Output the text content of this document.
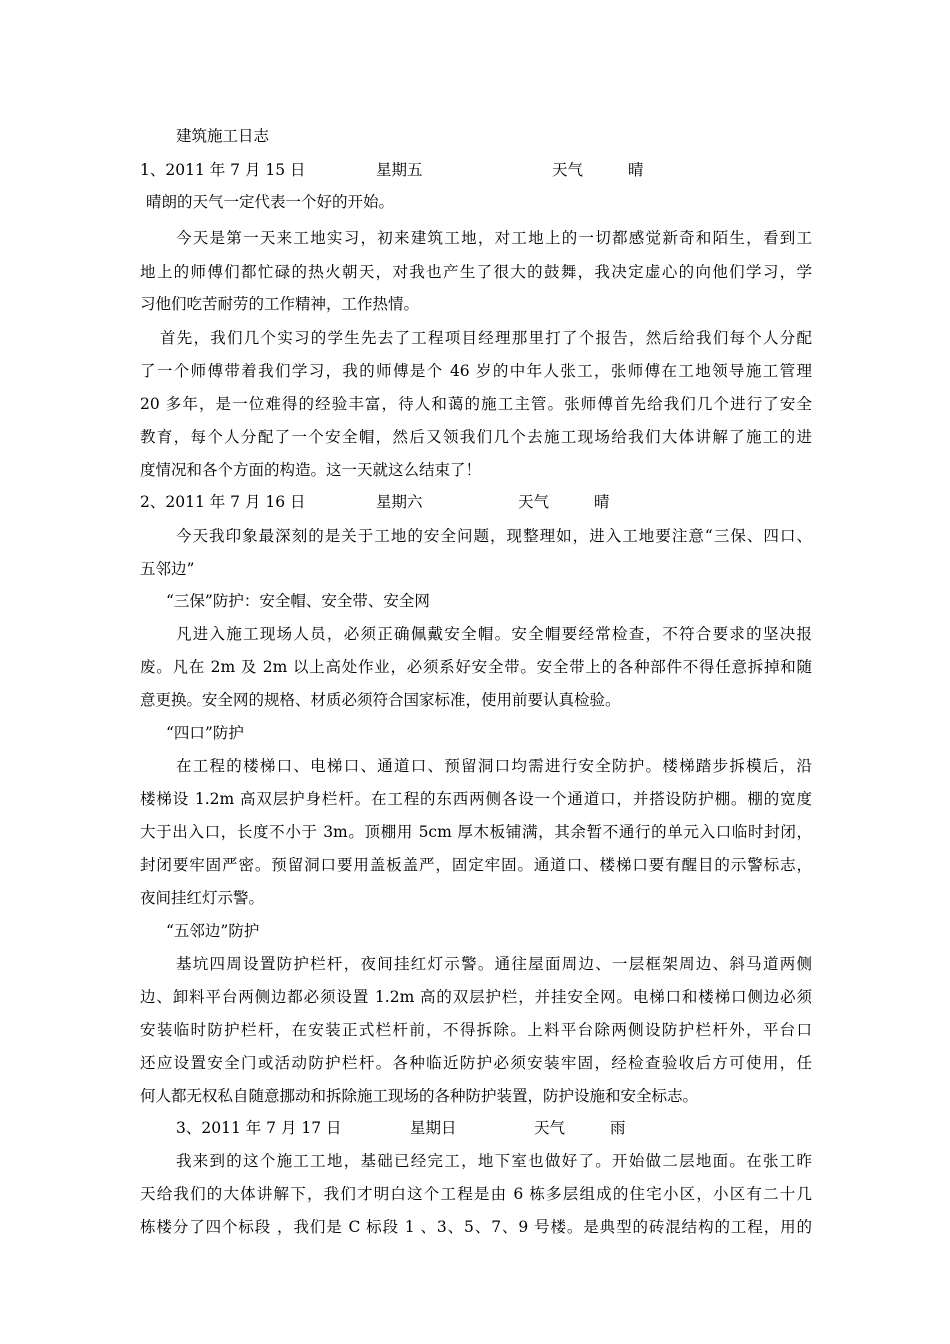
建筑施工日志
1、2011 年 7 月 15 日	星期五	天气	晴
晴朗的天气一定代表一个好的开始。
今天是第一天来工地实习，初来建筑工地，对工地上的一切都感觉新奇和陌生，看到工
地上的师傅们都忙碌的热火朝天，对我也产生了很大的鼓舞，我决定虚心的向他们学习，学
习他们吃苦耐劳的工作精神，工作热情。
首先，我们几个实习的学生先去了工程项目经理那里打了个报告，然后给我们每个人分配
了一个师傅带着我们学习，我的师傅是个 46 岁的中年人张工，张师傅在工地领导施工管理
20 多年，是一位难得的经验丰富，待人和蔼的施工主管。张师傅首先给我们几个进行了安全
教育，每个人分配了一个安全帽，然后又领我们几个去施工现场给我们大体讲解了施工的进
度情况和各个方面的构造。这一天就这么结束了！
2、2011 年 7 月 16 日	星期六	天气	晴
今天我印象最深刻的是关于工地的安全问题，现整理如，进入工地要注意“三保、四口、
五邻边”
“三保”防护：安全帽、安全带、安全网
凡进入施工现场人员，必须正确佩戴安全帽。安全帽要经常检查，不符合要求的坚决报
废。凡在 2m 及 2m 以上高处作业，必须系好安全带。安全带上的各种部件不得任意拆掉和随
意更换。安全网的规格、材质必须符合国家标准，使用前要认真检验。
“四口”防护
在工程的楼梯口、电梯口、通道口、预留洞口均需进行安全防护。楼梯踏步拆模后，沿
楼梯设 1.2m 高双层护身栏杆。在工程的东西两侧各设一个通道口，并搭设防护棚。棚的宽度
大于出入口，长度不小于 3m。顶棚用 5cm 厚木板铺满，其余暂不通行的单元入口临时封闭，
封闭要牢固严密。预留洞口要用盖板盖严，固定牢固。通道口、楼梯口要有醒目的示警标志，
夜间挂红灯示警。
“五邻边”防护
基坑四周设置防护栏杆，夜间挂红灯示警。通往屋面周边、一层框架周边、斜马道两侧
边、卸料平台两侧边都必须设置 1.2m 高的双层护栏，并挂安全网。电梯口和楼梯口侧边必须
安装临时防护栏杆，在安装正式栏杆前，不得拆除。上料平台除两侧设防护栏杆外，平台口
还应设置安全门或活动防护栏杆。各种临近防护必须安装牢固，经检查验收后方可使用，任
何人都无权私自随意挪动和拆除施工现场的各种防护装置，防护设施和安全标志。
3、2011 年 7 月 17 日	星期日	天气	雨
我来到的这个施工工地，基础已经完工，地下室也做好了。开始做二层地面。在张工昨
天给我们的大体讲解下，我们才明白这个工程是由 6 栋多层组成的住宅小区，小区有二十几
栋楼分了四个标段 ，我们是 C 标段 1 、3、5、7、9 号楼。是典型的砖混结构的工程，用的
